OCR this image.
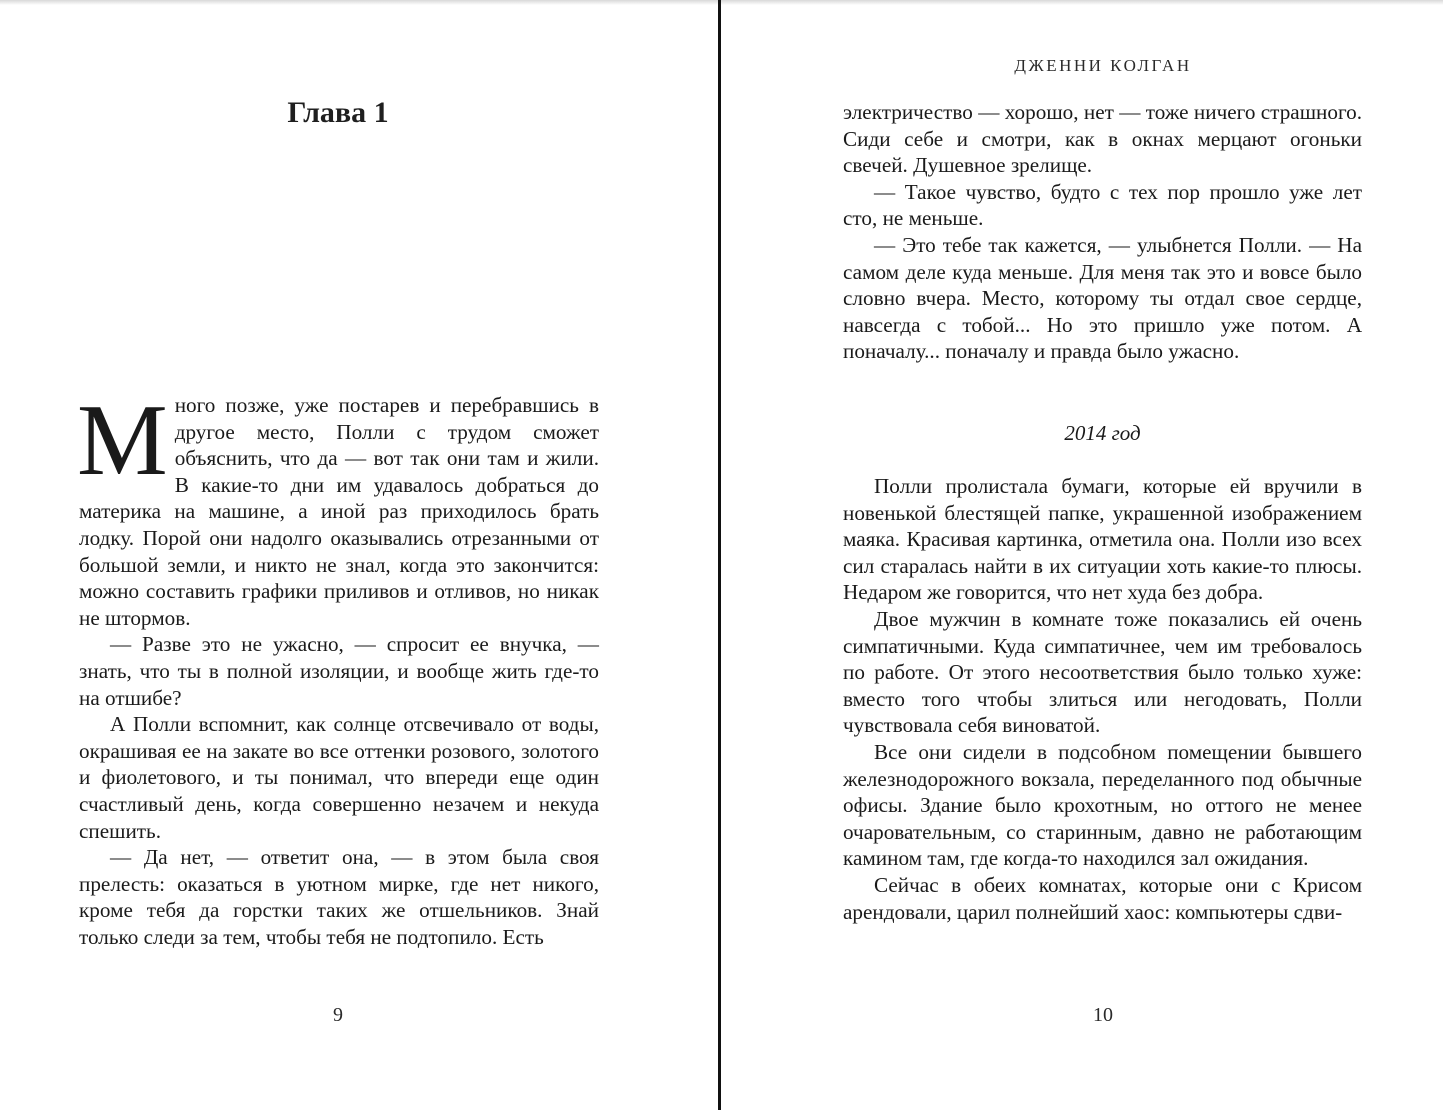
Глава 1

Много позже, уже постарев и перебравшись в другое место, Полли с трудом сможет объяснить, что да — вот так они там и жили. В какие-то дни им удавалось добраться до материка на машине, а иной раз приходилось брать лодку. Порой они надолго оказывались отрезанными от большой земли, и никто не знал, когда это закончится: можно составить графики приливов и отливов, но никак не штормов.

— Разве это не ужасно, — спросит ее внучка, — знать, что ты в полной изоляции, и вообще жить где-то на отшибе?

А Полли вспомнит, как солнце отсвечивало от воды, окрашивая ее на закате во все оттенки розового, золотого и фиолетового, и ты понимал, что впереди еще один счастливый день, когда совершенно незачем и некуда спешить.

— Да нет, — ответит она, — в этом была своя прелесть: оказаться в уютном мирке, где нет никого, кроме тебя да горстки таких же отшельников. Знай только следи за тем, чтобы тебя не подтопило. Есть

9

ДЖЕННИ КОЛГАН

электричество — хорошо, нет — тоже ничего страшного. Сиди себе и смотри, как в окнах мерцают огоньки свечей. Душевное зрелище.

— Такое чувство, будто с тех пор прошло уже лет сто, не меньше.

— Это тебе так кажется, — улыбнется Полли. — На самом деле куда меньше. Для меня так это и вовсе было словно вчера. Место, которому ты отдал свое сердце, навсегда с тобой... Но это пришло уже потом. А поначалу... поначалу и правда было ужасно.

2014 год

Полли пролистала бумаги, которые ей вручили в новенькой блестящей папке, украшенной изображением маяка. Красивая картинка, отметила она. Полли изо всех сил старалась найти в их ситуации хоть какие-то плюсы. Недаром же говорится, что нет худа без добра.

Двое мужчин в комнате тоже показались ей очень симпатичными. Куда симпатичнее, чем им требовалось по работе. От этого несоответствия было только хуже: вместо того чтобы злиться или негодовать, Полли чувствовала себя виноватой.

Все они сидели в подсобном помещении бывшего железнодорожного вокзала, переделанного под обычные офисы. Здание было крохотным, но оттого не менее очаровательным, со старинным, давно не работающим камином там, где когда-то находился зал ожидания.

Сейчас в обеих комнатах, которые они с Крисом арендовали, царил полнейший хаос: компьютеры сдви-

10
